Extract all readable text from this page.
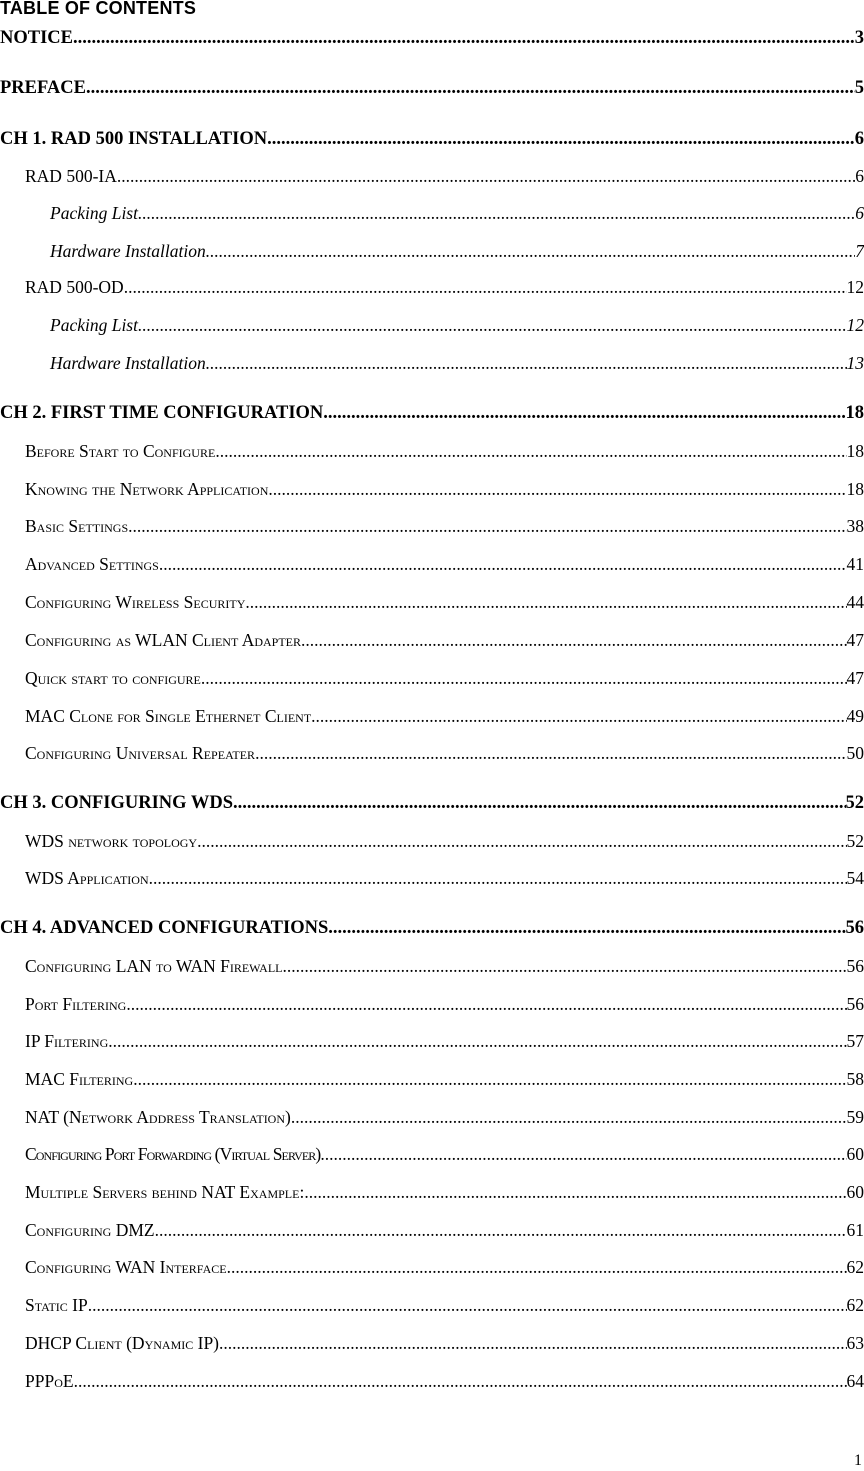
TABLE OF CONTENTS
NOTICE .....	3
PREFACE .....	5
CH 1. RAD 500 INSTALLATION .....	6
RAD 500-IA .....	6
Packing List .....	6
Hardware Installation .....	7
RAD 500-OD .....	12
Packing List .....	12
Hardware Installation .....	13
CH 2. FIRST TIME CONFIGURATION .....	18
Before Start to Configure .....	18
Knowing the Network Application .....	18
Basic Settings .....	38
Advanced Settings .....	41
Configuring Wireless Security .....	44
Configuring as WLAN Client Adapter .....	47
Quick start to configure .....	47
MAC Clone for Single Ethernet Client .....	49
Configuring Universal Repeater .....	50
CH 3. CONFIGURING WDS .....	52
WDS network topology .....	52
WDS Application .....	54
CH 4. ADVANCED CONFIGURATIONS .....	56
Configuring LAN to WAN Firewall .....	56
Port Filtering .....	56
IP Filtering .....	57
MAC Filtering .....	58
NAT (Network Address Translation) .....	59
Configuring Port Forwarding (Virtual Server) .....	60
Multiple Servers behind NAT Example: .....	60
Configuring DMZ .....	61
Configuring WAN Interface .....	62
Static IP .....	62
DHCP Client (Dynamic IP) .....	63
PPPoE .....	64
1
